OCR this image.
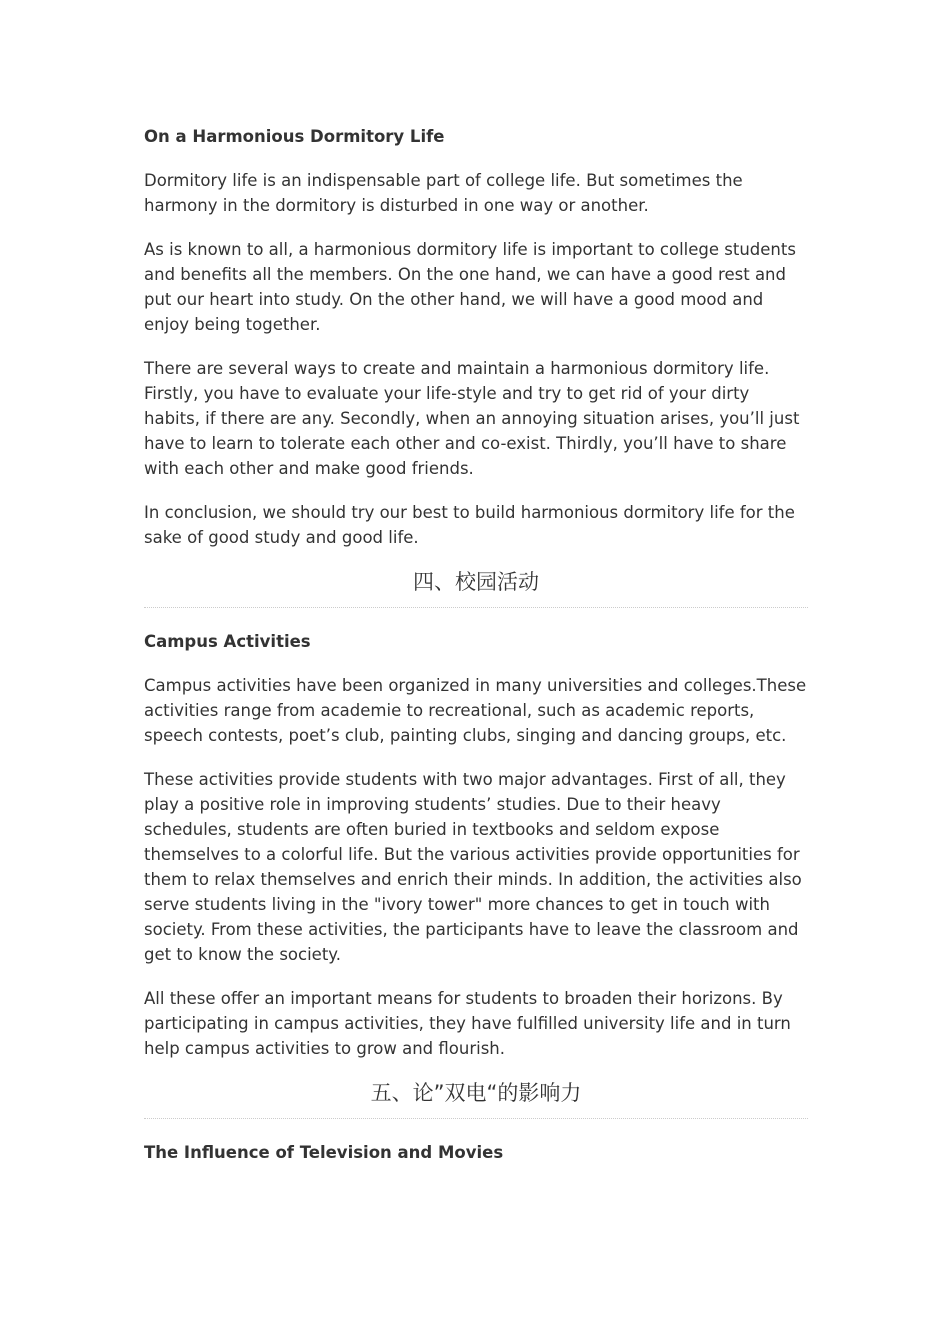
On a Harmonious Dormitory Life

Dormitory life is an indispensable part of college life. But sometimes the harmony in the dormitory is disturbed in one way or another.

As is known to all, a harmonious dormitory life is important to college students and benefits all the members. On the one hand, we can have a good rest and put our heart into study. On the other hand, we will have a good mood and enjoy being together.

There are several ways to create and maintain a harmonious dormitory life. Firstly, you have to evaluate your life-style and try to get rid of your dirty habits, if there are any. Secondly, when an annoying situation arises, you’ll just have to learn to tolerate each other and co-exist. Thirdly, you’ll have to share with each other and make good friends.

In conclusion, we should try our best to build harmonious dormitory life for the sake of good study and good life.

四、校园活动
Campus Activities

Campus activities have been organized in many universities and colleges.These activities range from academie to recreational, such as academic reports, speech contests, poet’s club, painting clubs, singing and dancing groups, etc.

These activities provide students with two major advantages. First of all, they play a positive role in improving students’ studies. Due to their heavy schedules, students are often buried in textbooks and seldom expose themselves to a colorful life. But the various activities provide opportunities for them to relax themselves and enrich their minds. In addition, the activities also serve students living in the "ivory tower" more chances to get in touch with society. From these activities, the participants have to leave the classroom and get to know the society.

All these offer an important means for students to broaden their horizons. By participating in campus activities, they have fulfilled university life and in turn help campus activities to grow and flourish.

五、论”双电“的影响力
The Influence of Television and Movies
